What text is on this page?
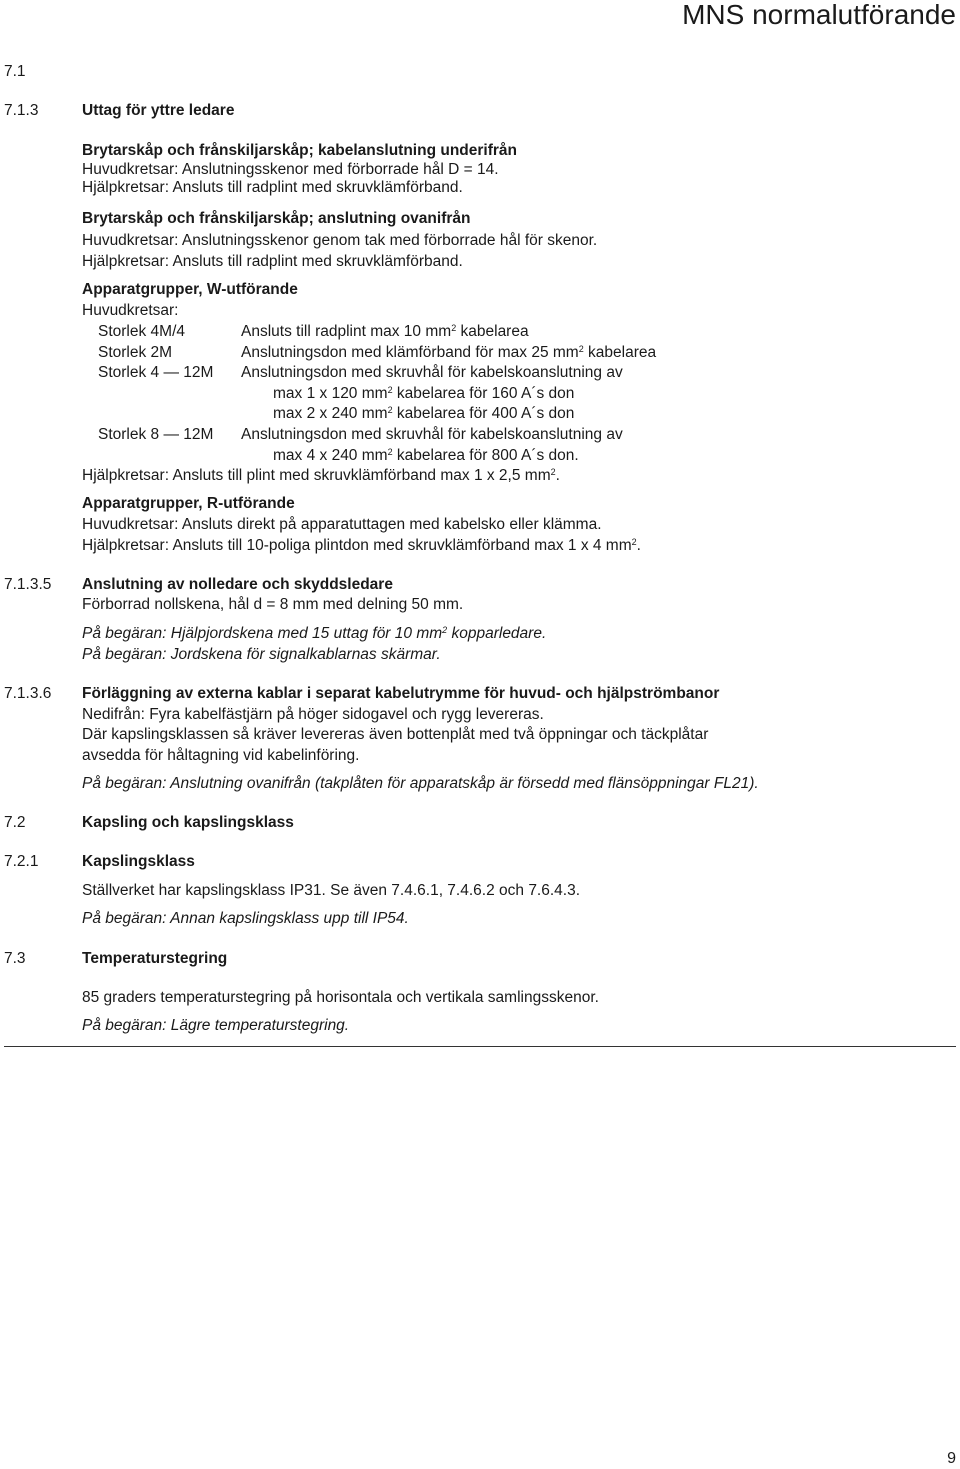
MNS normalutförande
7.1
7.1.3	Uttag för yttre ledare
Brytarskåp och frånskiljarskåp; kabelanslutning underifrån
Huvudkretsar: Anslutningsskenor med förborrade hål D = 14.
Hjälpkretsar: Ansluts till radplint med skruvklämförband.
Brytarskåp och frånskiljarskåp; anslutning ovanifrån
Huvudkretsar: Anslutningsskenor genom tak med förborrade hål för skenor.
Hjälpkretsar: Ansluts till radplint med skruvklämförband.
Apparatgrupper, W-utförande
Huvudkretsar:
Storlek 4M/4	Ansluts till radplint max 10 $mm^2$ kabelarea
Storlek 2M	Anslutningsdon med klämförband för max 25 $mm^2$ kabelarea
Storlek 4 — 12M Anslutningsdon med skruvhål för kabelskoanslutning av
max 1 x 120 $mm^2$ kabelarea för 160 A´s don
max 2 x 240 $mm^2$ kabelarea för 400 A´s don
Storlek 8 — 12M Anslutningsdon med skruvhål för kabelskoanslutning av
max 4 x 240 $mm^2$ kabelarea för 800 A´s don.
Hjälpkretsar: Ansluts till plint med skruvklämförband max 1 x 2,5 $mm^2$.
Apparatgrupper, R-utförande
Huvudkretsar: Ansluts direkt på apparatuttagen med kabelsko eller klämma.
Hjälpkretsar: Ansluts till 10-poliga plintdon med skruvklämförband max 1 x 4 $mm^2$.
7.1.3.5 Anslutning av nolledare och skyddsledare
Förborrad nollskena, hål d = 8 mm med delning 50 mm.
På begäran: Hjälpjordskena med 15 uttag för 10 $mm^2$ kopparledare.
På begäran: Jordskena för signalkablarnas skärmar.
7.1.3.6 Förläggning av externa kablar i separat kabelutrymme för huvud- och hjälpströmbanor
Nedifrån: Fyra kabelfästjärn på höger sidogavel och rygg levereras.
Där kapslingsklassen så kräver levereras även bottenplåt med två öppningar och täckplåtar
avsedda för håltagning vid kabelinföring.
På begäran: Anslutning ovanifrån (takplåten för apparatskåp är försedd med flänsöppningar FL21).
7.2	Kapsling och kapslingsklass
7.2.1	Kapslingsklass
Ställverket har kapslingsklass IP31. Se även 7.4.6.1, 7.4.6.2 och 7.6.4.3.
På begäran: Annan kapslingsklass upp till IP54.
7.3	Temperaturstegring
85 graders temperaturstegring på horisontala och vertikala samlingsskenor.
På begäran: Lägre temperaturstegring.
9
